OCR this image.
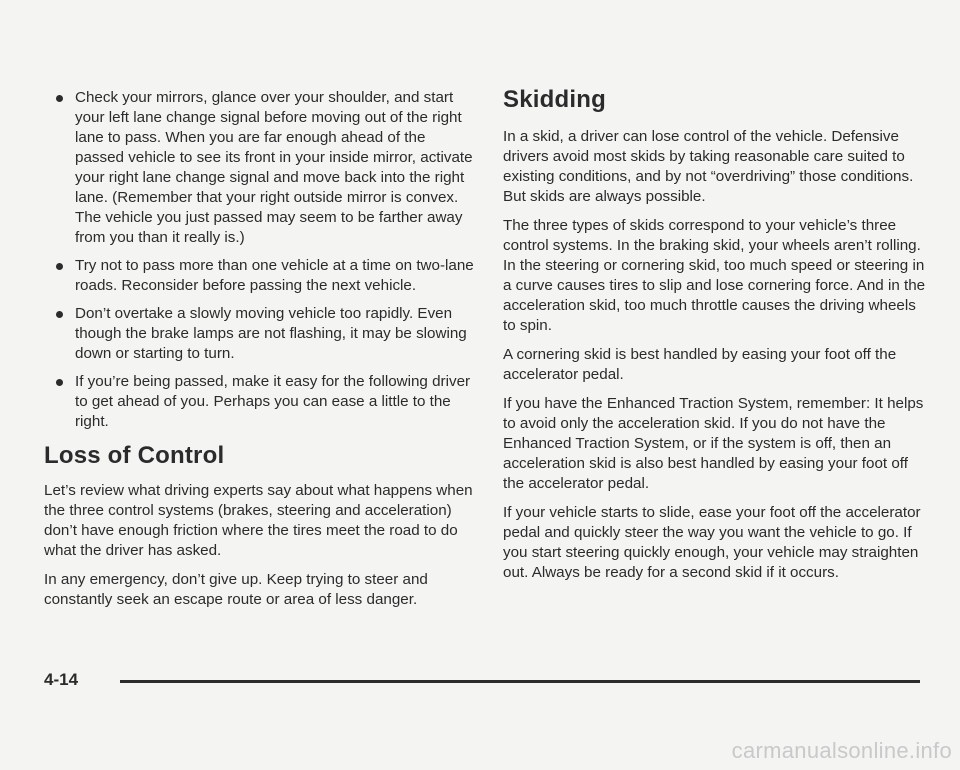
Check your mirrors, glance over your shoulder, and start your left lane change signal before moving out of the right lane to pass. When you are far enough ahead of the passed vehicle to see its front in your inside mirror, activate your right lane change signal and move back into the right lane. (Remember that your right outside mirror is convex. The vehicle you just passed may seem to be farther away from you than it really is.)
Try not to pass more than one vehicle at a time on two-lane roads. Reconsider before passing the next vehicle.
Don’t overtake a slowly moving vehicle too rapidly. Even though the brake lamps are not flashing, it may be slowing down or starting to turn.
If you’re being passed, make it easy for the following driver to get ahead of you. Perhaps you can ease a little to the right.
Loss of Control

Let’s review what driving experts say about what happens when the three control systems (brakes, steering and acceleration) don’t have enough friction where the tires meet the road to do what the driver has asked.

In any emergency, don’t give up. Keep trying to steer and constantly seek an escape route or area of less danger.

Skidding

In a skid, a driver can lose control of the vehicle. Defensive drivers avoid most skids by taking reasonable care suited to existing conditions, and by not “overdriving” those conditions. But skids are always possible.

The three types of skids correspond to your vehicle’s three control systems. In the braking skid, your wheels aren’t rolling. In the steering or cornering skid, too much speed or steering in a curve causes tires to slip and lose cornering force. And in the acceleration skid, too much throttle causes the driving wheels to spin.

A cornering skid is best handled by easing your foot off the accelerator pedal.

If you have the Enhanced Traction System, remember: It helps to avoid only the acceleration skid. If you do not have the Enhanced Traction System, or if the system is off, then an acceleration skid is also best handled by easing your foot off the accelerator pedal.

If your vehicle starts to slide, ease your foot off the accelerator pedal and quickly steer the way you want the vehicle to go. If you start steering quickly enough, your vehicle may straighten out. Always be ready for a second skid if it occurs.

4-14
carmanualsonline.info
